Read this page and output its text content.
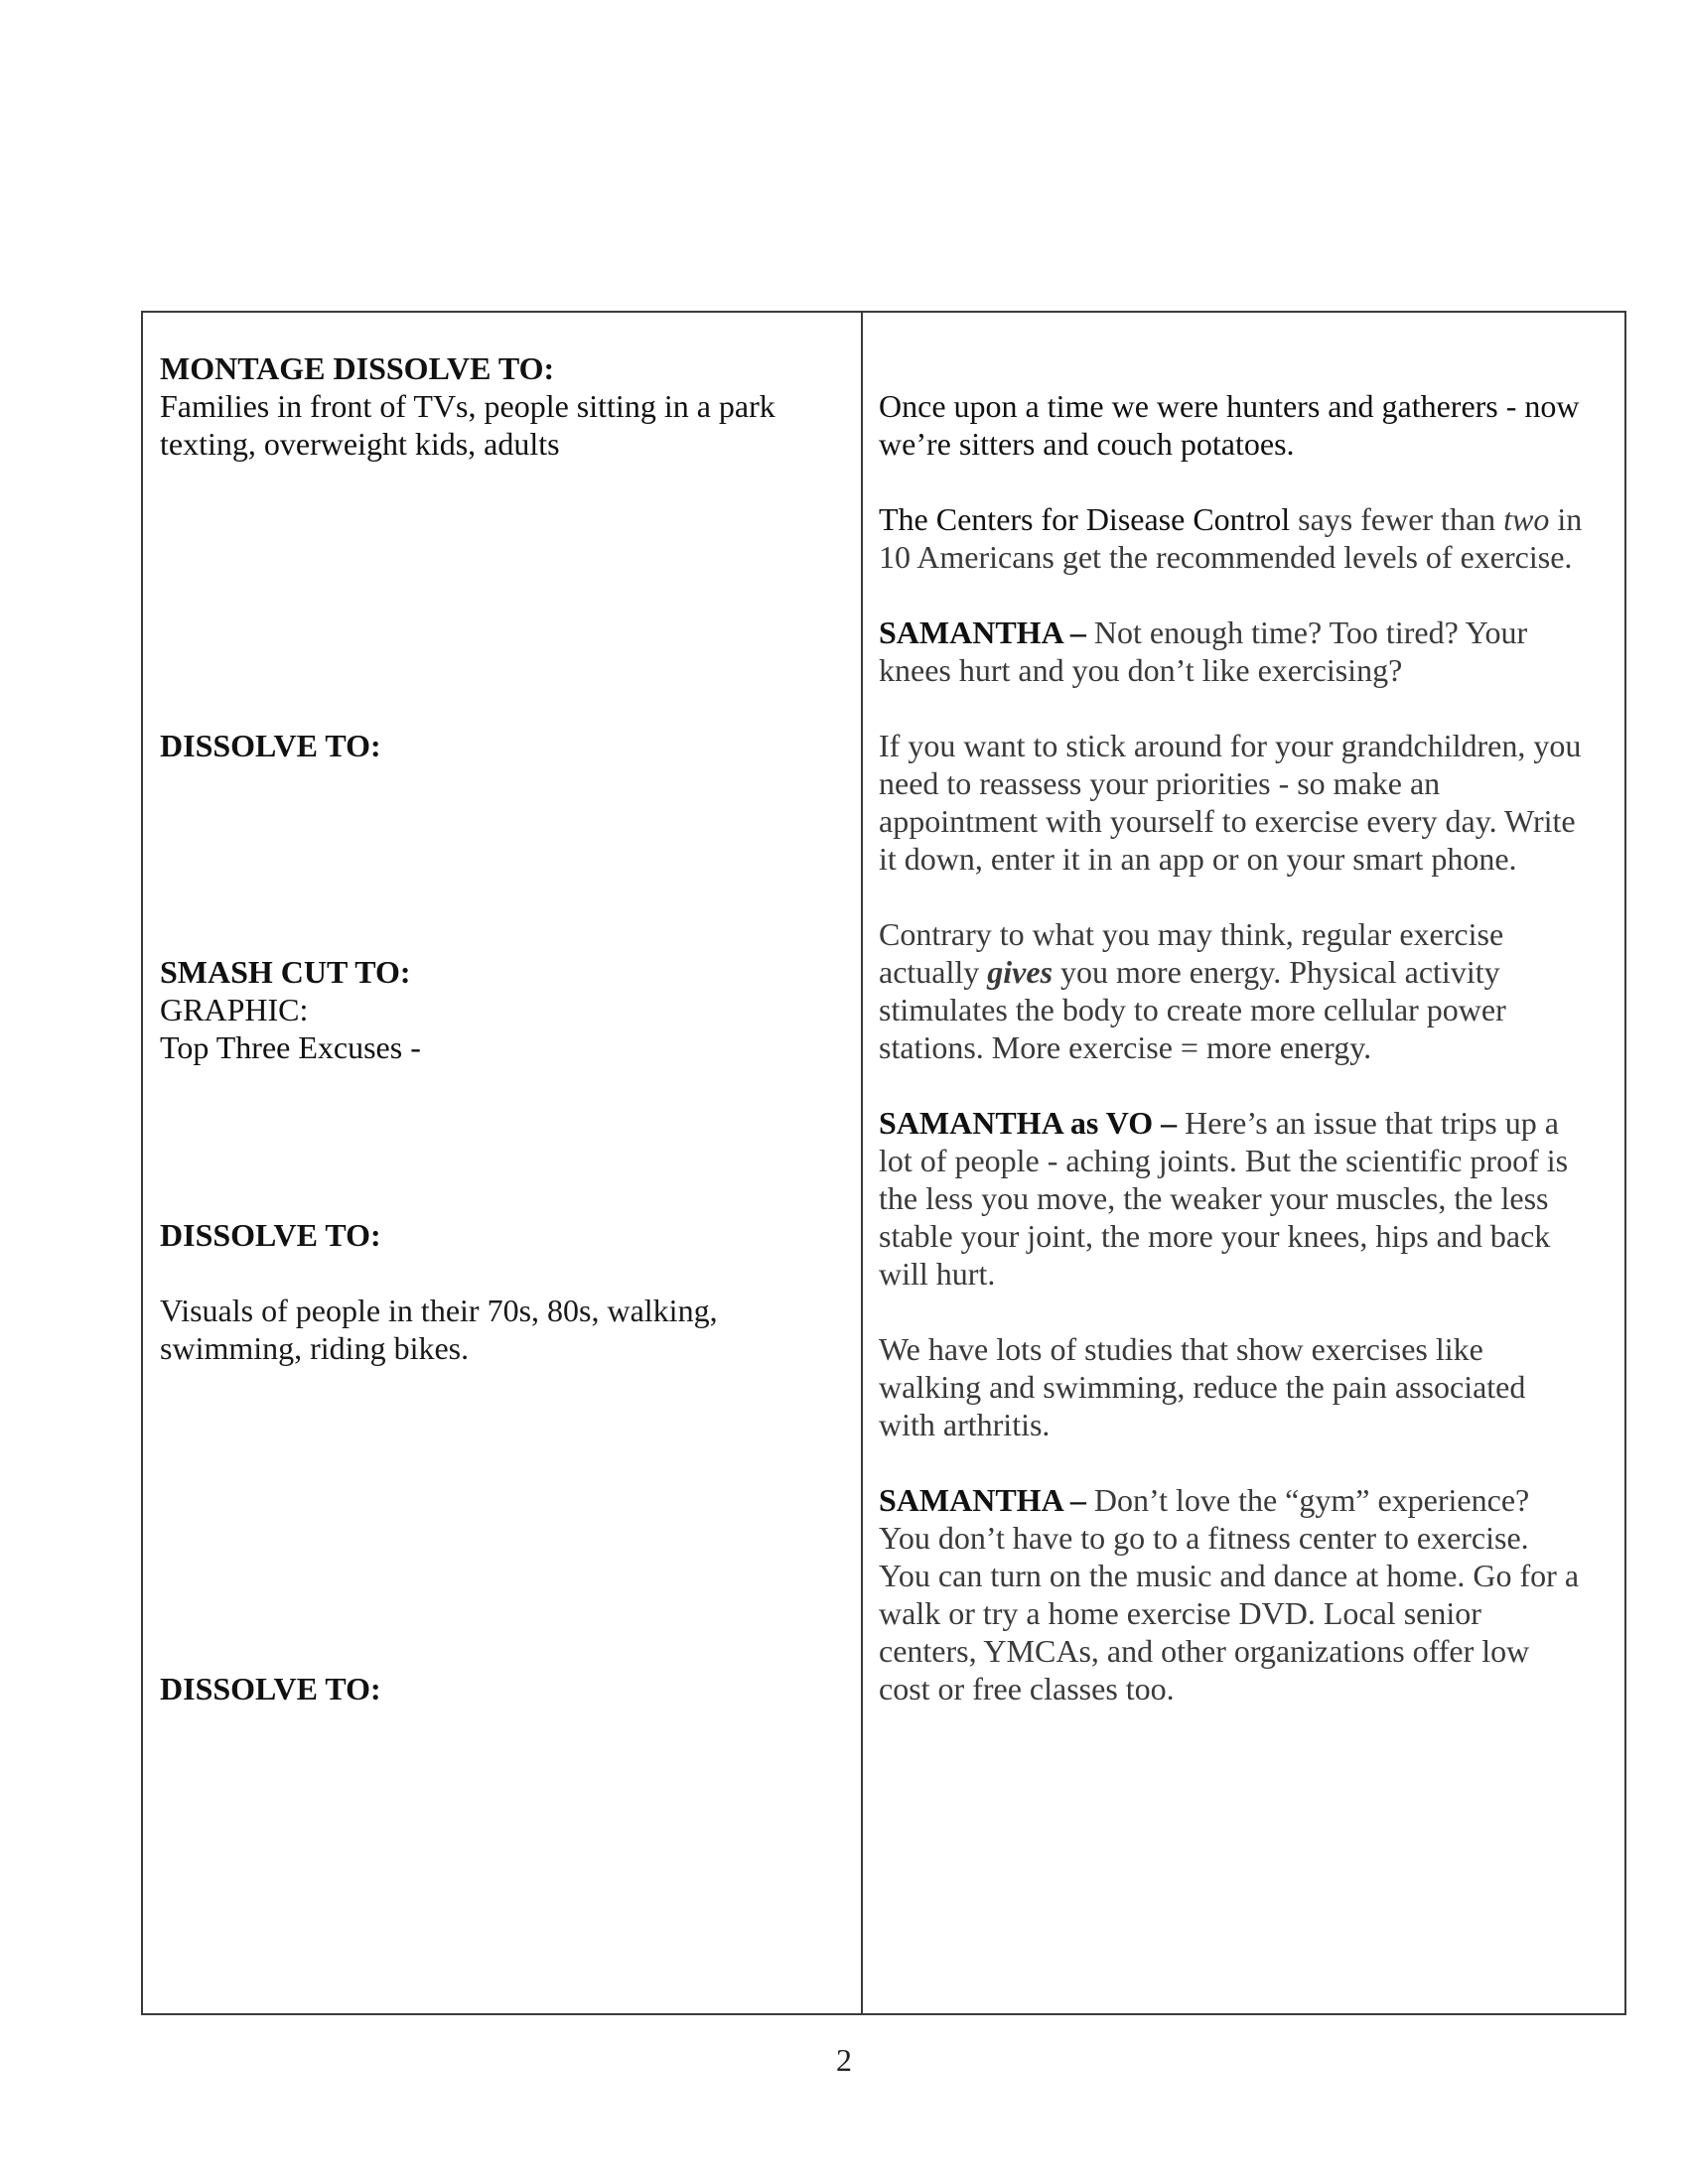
MONTAGE DISSOLVE TO:
Families in front of TVs, people sitting in a park
texting, overweight kids, adults

DISSOLVE TO:

SMASH CUT TO:
GRAPHIC:
Top Three Excuses -

DISSOLVE TO:

Visuals of people in their 70s, 80s, walking,
swimming, riding bikes.

DISSOLVE TO:

Once upon a time we were hunters and gatherers - now
we’re sitters and couch potatoes.

The Centers for Disease Control says fewer than two in
10 Americans get the recommended levels of exercise.

SAMANTHA – Not enough time? Too tired? Your
knees hurt and you don’t like exercising?

If you want to stick around for your grandchildren, you
need to reassess your priorities - so make an
appointment with yourself to exercise every day. Write
it down, enter it in an app or on your smart phone.

Contrary to what you may think, regular exercise
actually gives you more energy. Physical activity
stimulates the body to create more cellular power
stations. More exercise = more energy.

SAMANTHA as VO – Here’s an issue that trips up a
lot of people - aching joints. But the scientific proof is
the less you move, the weaker your muscles, the less
stable your joint, the more your knees, hips and back
will hurt.

We have lots of studies that show exercises like
walking and swimming, reduce the pain associated
with arthritis.

SAMANTHA – Don’t love the “gym” experience?
You don’t have to go to a fitness center to exercise.
You can turn on the music and dance at home. Go for a
walk or try a home exercise DVD. Local senior
centers, YMCAs, and other organizations offer low
cost or free classes too.

2
